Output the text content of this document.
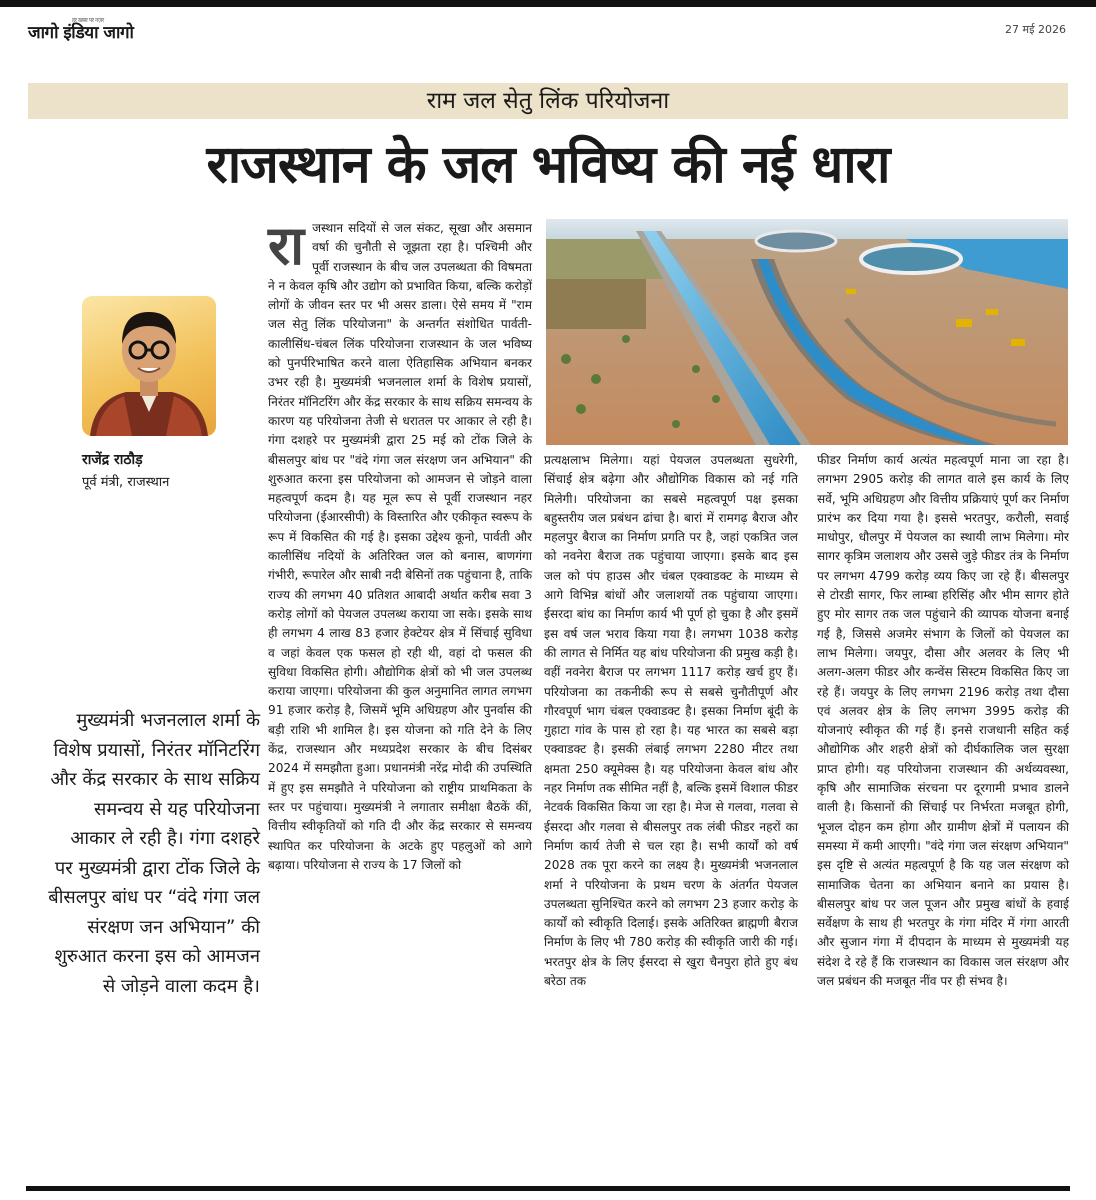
जागो इंडिया जागो
हर खबर पर नज़र
27 मई 2026
राम जल सेतु लिंक परियोजना
राजस्थान के जल भविष्य की नई धारा
राजेंद्र राठौड़
पूर्व मंत्री, राजस्थान
मुख्यमंत्री भजनलाल शर्मा के विशेष प्रयासों, निरंतर मॉनिटरिंग और केंद्र सरकार के साथ सक्रिय समन्वय से यह परियोजना आकार ले रही है। गंगा दशहरे पर मुख्यमंत्री द्वारा टोंक जिले के बीसलपुर बांध पर “वंदे गंगा जल संरक्षण जन अभियान” की शुरुआत करना इस को आमजन से जोड़ने वाला कदम है।
रा जस्थान सदियों से जल संकट, सूखा और असमान वर्षा की चुनौती से जूझता रहा है। पश्चिमी और पूर्वी राजस्थान के बीच जल उपलब्धता की विषमता ने न केवल कृषि और उद्योग को प्रभावित किया, बल्कि करोड़ों लोगों के जीवन स्तर पर भी असर डाला। ऐसे समय में "राम जल सेतु लिंक परियोजना" के अन्तर्गत संशोधित पार्वती-कालीसिंध-चंबल लिंक परियोजना राजस्थान के जल भविष्य को पुनर्परिभाषित करने वाला ऐतिहासिक अभियान बनकर उभर रही है। मुख्यमंत्री भजनलाल शर्मा के विशेष प्रयासों, निरंतर मॉनिटरिंग और केंद्र सरकार के साथ सक्रिय समन्वय के कारण यह परियोजना तेजी से धरातल पर आकार ले रही है। गंगा दशहरे पर मुख्यमंत्री द्वारा 25 मई को टोंक जिले के बीसलपुर बांध पर "वंदे गंगा जल संरक्षण जन अभियान" की शुरुआत करना इस परियोजना को आमजन से जोड़ने वाला महत्वपूर्ण कदम है। यह मूल रूप से पूर्वी राजस्थान नहर परियोजना (ईआरसीपी) के विस्तारित और एकीकृत स्वरूप के रूप में विकसित की गई है। इसका उद्देश्य कूनो, पार्वती और कालीसिंध नदियों के अतिरिक्त जल को बनास, बाणगंगा गंभीरी, रूपारेल और साबी नदी बेसिनों तक पहुंचाना है, ताकि राज्य की लगभग 40 प्रतिशत आबादी अर्थात करीब सवा 3 करोड़ लोगों को पेयजल उपलब्ध कराया जा सके। इसके साथ ही लगभग 4 लाख 83 हजार हेक्टेयर क्षेत्र में सिंचाई सुविधा व जहां केवल एक फसल हो रही थी, वहां दो फसल की सुविधा विकसित होगी। औद्योगिक क्षेत्रों को भी जल उपलब्ध कराया जाएगा। परियोजना की कुल अनुमानित लागत लगभग 91 हजार करोड़ है, जिसमें भूमि अधिग्रहण और पुनर्वास की बड़ी राशि भी शामिल है। इस योजना को गति देने के लिए केंद्र, राजस्थान और मध्यप्रदेश सरकार के बीच दिसंबर 2024 में समझौता हुआ। प्रधानमंत्री नरेंद्र मोदी की उपस्थिति में हुए इस समझौते ने परियोजना को राष्ट्रीय प्राथमिकता के स्तर पर पहुंचाया। मुख्यमंत्री ने लगातार समीक्षा बैठकें कीं, वित्तीय स्वीकृतियों को गति दी और केंद्र सरकार से समन्वय स्थापित कर परियोजना के अटके हुए पहलुओं को आगे बढ़ाया। परियोजना से राज्य के 17 जिलों को
प्रत्यक्षलाभ मिलेगा। यहां पेयजल उपलब्धता सुधरेगी, सिंचाई क्षेत्र बढ़ेगा और औद्योगिक विकास को नई गति मिलेगी। परियोजना का सबसे महत्वपूर्ण पक्ष इसका बहुस्तरीय जल प्रबंधन ढांचा है। बारां में रामगढ़ बैराज और महलपुर बैराज का निर्माण प्रगति पर है, जहां एकत्रित जल को नवनेरा बैराज तक पहुंचाया जाएगा। इसके बाद इस जल को पंप हाउस और चंबल एक्वाडक्ट के माध्यम से आगे विभिन्न बांधों और जलाशयों तक पहुंचाया जाएगा। ईसरदा बांध का निर्माण कार्य भी पूर्ण हो चुका है और इसमें इस वर्ष जल भराव किया गया है। लगभग 1038 करोड़ की लागत से निर्मित यह बांध परियोजना की प्रमुख कड़ी है। वहीं नवनेरा बैराज पर लगभग 1117 करोड़ खर्च हुए हैं। परियोजना का तकनीकी रूप से सबसे चुनौतीपूर्ण और गौरवपूर्ण भाग चंबल एक्वाडक्ट है। इसका निर्माण बूंदी के गुहाटा गांव के पास हो रहा है। यह भारत का सबसे बड़ा एक्वाडक्ट है। इसकी लंबाई लगभग 2280 मीटर तथा क्षमता 250 क्यूमेक्स है। यह परियोजना केवल बांध और नहर निर्माण तक सीमित नहीं है, बल्कि इसमें विशाल फीडर नेटवर्क विकसित किया जा रहा है। मेज से गलवा, गलवा से ईसरदा और गलवा से बीसलपुर तक लंबी फीडर नहरों का निर्माण कार्य तेजी से चल रहा है। सभी कार्यों को वर्ष 2028 तक पूरा करने का लक्ष्य है। मुख्यमंत्री भजनलाल शर्मा ने परियोजना के प्रथम चरण के अंतर्गत पेयजल उपलब्धता सुनिश्चित करने को लगभग 23 हजार करोड़ के कार्यों को स्वीकृति दिलाई। इसके अतिरिक्त ब्राह्मणी बैराज निर्माण के लिए भी 780 करोड़ की स्वीकृति जारी की गई। भरतपुर क्षेत्र के लिए ईसरदा से खुरा चैनपुरा होते हुए बंध बरेठा तक
फीडर निर्माण कार्य अत्यंत महत्वपूर्ण माना जा रहा है। लगभग 2905 करोड़ की लागत वाले इस कार्य के लिए सर्वे, भूमि अधिग्रहण और वित्तीय प्रक्रियाएं पूर्ण कर निर्माण प्रारंभ कर दिया गया है। इससे भरतपुर, करौली, सवाई माधोपुर, धौलपुर में पेयजल का स्थायी लाभ मिलेगा। मोर सागर कृत्रिम जलाशय और उससे जुड़े फीडर तंत्र के निर्माण पर लगभग 4799 करोड़ व्यय किए जा रहे हैं। बीसलपुर से टोरडी सागर, फिर लाम्बा हरिसिंह और भीम सागर होते हुए मोर सागर तक जल पहुंचाने की व्यापक योजना बनाई गई है, जिससे अजमेर संभाग के जिलों को पेयजल का लाभ मिलेगा। जयपुर, दौसा और अलवर के लिए भी अलग-अलग फीडर और कन्वेंस सिस्टम विकसित किए जा रहे हैं। जयपुर के लिए लगभग 2196 करोड़ तथा दौसा एवं अलवर क्षेत्र के लिए लगभग 3995 करोड़ की योजनाएं स्वीकृत की गई हैं। इनसे राजधानी सहित कई औद्योगिक और शहरी क्षेत्रों को दीर्घकालिक जल सुरक्षा प्राप्त होगी। यह परियोजना राजस्थान की अर्थव्यवस्था, कृषि और सामाजिक संरचना पर दूरगामी प्रभाव डालने वाली है। किसानों की सिंचाई पर निर्भरता मजबूत होगी, भूजल दोहन कम होगा और ग्रामीण क्षेत्रों में पलायन की समस्या में कमी आएगी। "वंदे गंगा जल संरक्षण अभियान" इस दृष्टि से अत्यंत महत्वपूर्ण है कि यह जल संरक्षण को सामाजिक चेतना का अभियान बनाने का प्रयास है। बीसलपुर बांध पर जल पूजन और प्रमुख बांधों के हवाई सर्वेक्षण के साथ ही भरतपुर के गंगा मंदिर में गंगा आरती और सुजान गंगा में दीपदान के माध्यम से मुख्यमंत्री यह संदेश दे रहे हैं कि राजस्थान का विकास जल संरक्षण और जल प्रबंधन की मजबूत नींव पर ही संभव है।
